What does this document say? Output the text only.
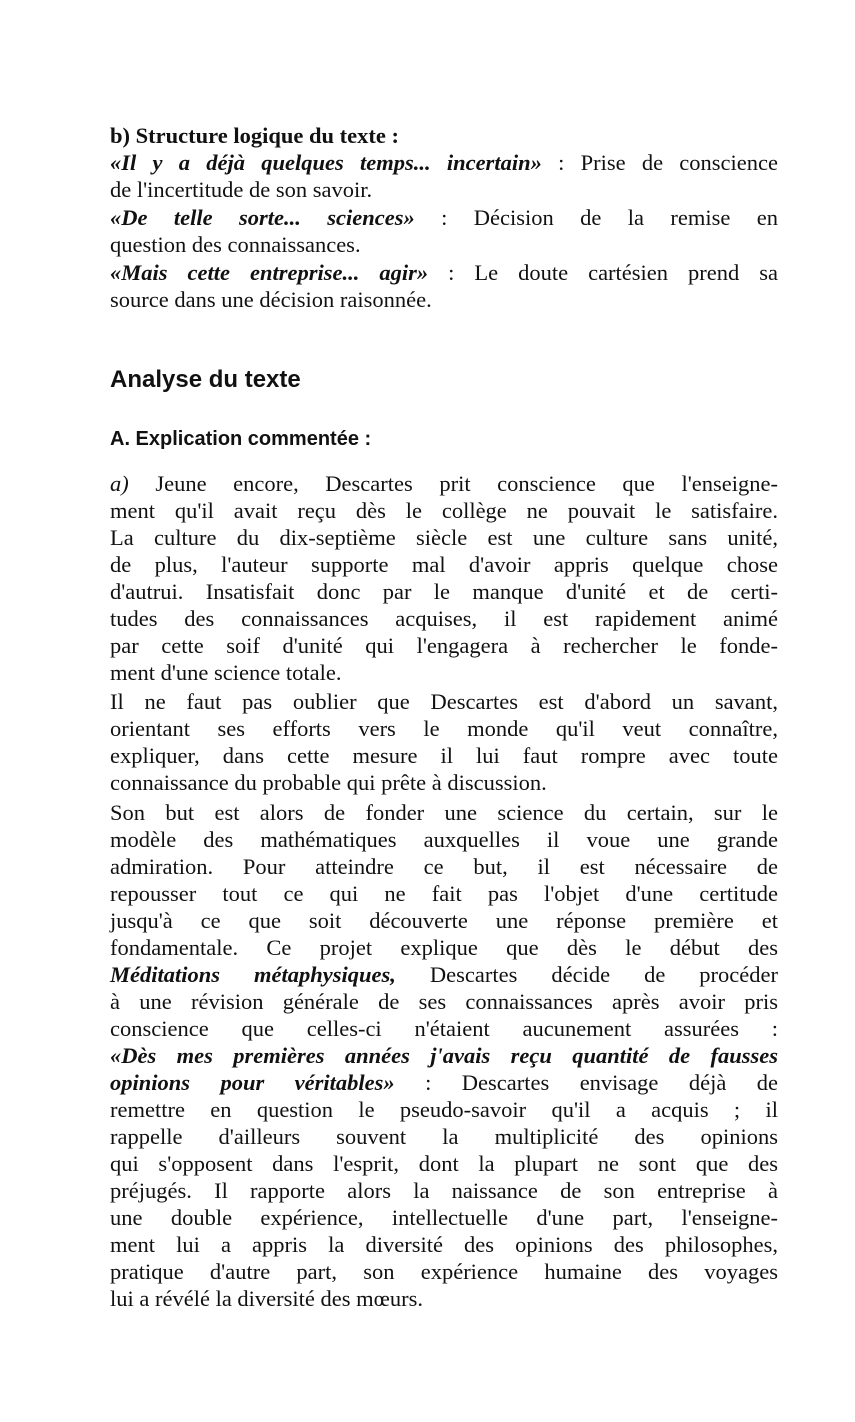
b) Structure logique du texte :
«Il y a déjà quelques temps... incertain» : Prise de conscience
de l'incertitude de son savoir.
«De telle sorte... sciences» : Décision de la remise en
question des connaissances.
«Mais cette entreprise... agir» : Le doute cartésien prend sa
source dans une décision raisonnée.
Analyse du texte
A. Explication commentée :
a) Jeune encore, Descartes prit conscience que l'enseigne-
ment qu'il avait reçu dès le collège ne pouvait le satisfaire.
La culture du dix-septième siècle est une culture sans unité,
de plus, l'auteur supporte mal d'avoir appris quelque chose
d'autrui. Insatisfait donc par le manque d'unité et de certi-
tudes des connaissances acquises, il est rapidement animé
par cette soif d'unité qui l'engagera à rechercher le fonde-
ment d'une science totale.
Il ne faut pas oublier que Descartes est d'abord un savant,
orientant ses efforts vers le monde qu'il veut connaître,
expliquer, dans cette mesure il lui faut rompre avec toute
connaissance du probable qui prête à discussion.
Son but est alors de fonder une science du certain, sur le
modèle des mathématiques auxquelles il voue une grande
admiration. Pour atteindre ce but, il est nécessaire de
repousser tout ce qui ne fait pas l'objet d'une certitude
jusqu'à ce que soit découverte une réponse première et
fondamentale. Ce projet explique que dès le début des
Méditations métaphysiques, Descartes décide de procéder
à une révision générale de ses connaissances après avoir pris
conscience que celles-ci n'étaient aucunement assurées :
«Dès mes premières années j'avais reçu quantité de fausses
opinions pour véritables» : Descartes envisage déjà de
remettre en question le pseudo-savoir qu'il a acquis ; il
rappelle d'ailleurs souvent la multiplicité des opinions
qui s'opposent dans l'esprit, dont la plupart ne sont que des
préjugés. Il rapporte alors la naissance de son entreprise à
une double expérience, intellectuelle d'une part, l'enseigne-
ment lui a appris la diversité des opinions des philosophes,
pratique d'autre part, son expérience humaine des voyages
lui a révélé la diversité des mœurs.
